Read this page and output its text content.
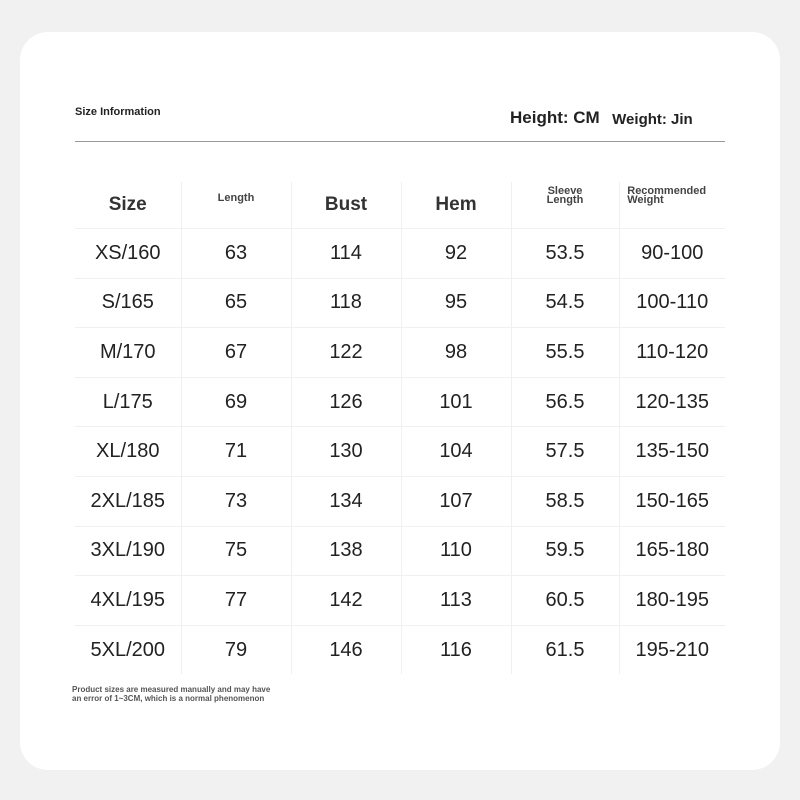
Size Information	Height: CM Weight: Jin
Size	Length	Bust	Hem	Sleeve Length	Recommended Weight
XS/160	63	114	92	53.5	90-100
S/165	65	118	95	54.5	100-110
M/170	67	122	98	55.5	110-120
L/175	69	126	101	56.5	120-135
XL/180	71	130	104	57.5	135-150
2XL/185	73	134	107	58.5	150-165
3XL/190	75	138	110	59.5	165-180
4XL/195	77	142	113	60.5	180-195
5XL/200	79	146	116	61.5	195-210
Product sizes are measured manually and may have
an error of 1~3CM, which is a normal phenomenon
